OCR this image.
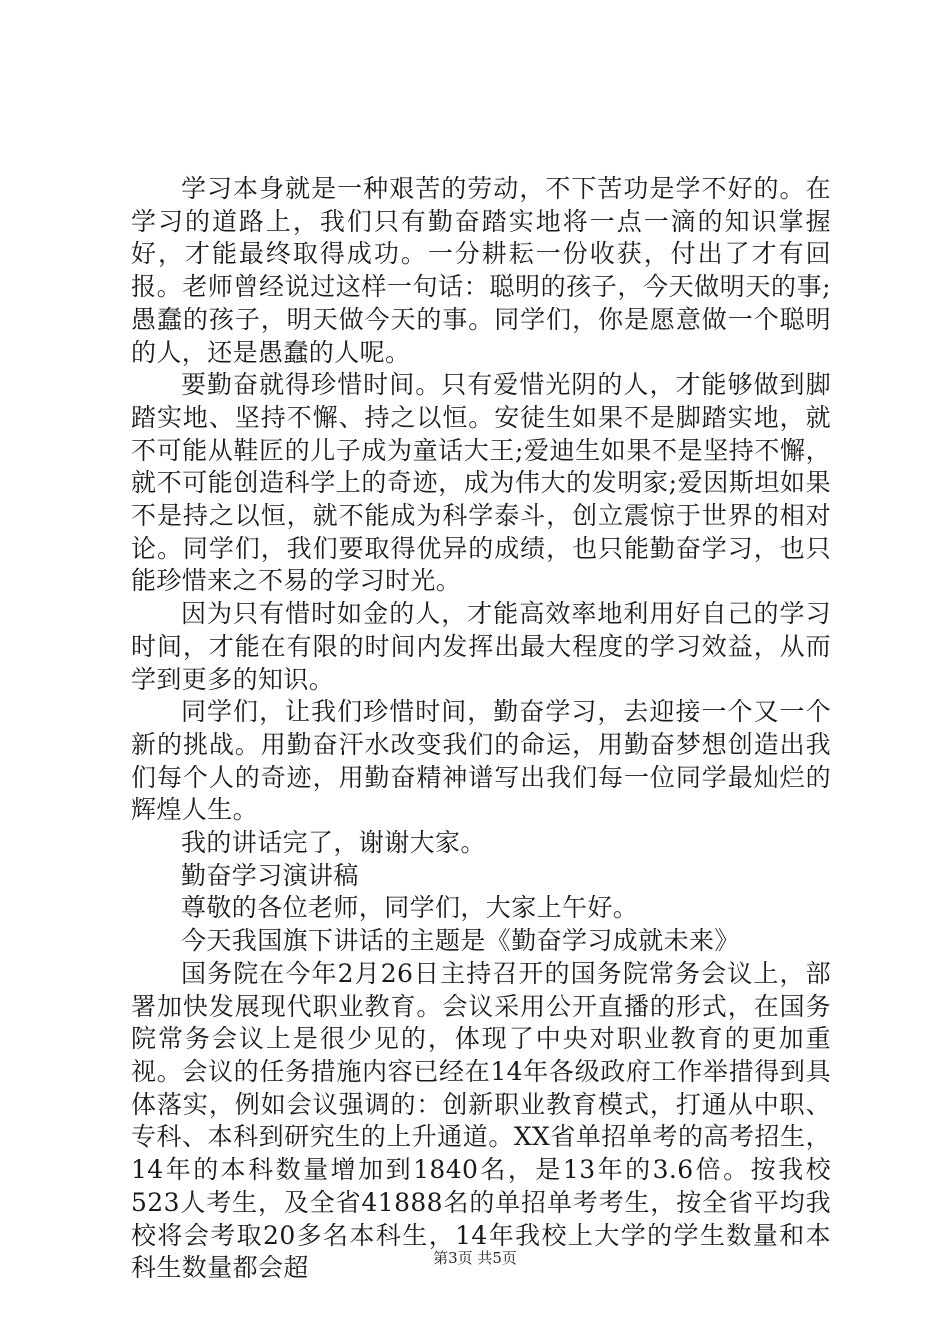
学习本身就是一种艰苦的劳动，不下苦功是学不好的。在学习的道路上，我们只有勤奋踏实地将一点一滴的知识掌握好，才能最终取得成功。一分耕耘一份收获，付出了才有回报。老师曾经说过这样一句话：聪明的孩子，今天做明天的事;愚蠢的孩子，明天做今天的事。同学们，你是愿意做一个聪明的人，还是愚蠢的人呢。

要勤奋就得珍惜时间。只有爱惜光阴的人，才能够做到脚踏实地、坚持不懈、持之以恒。安徒生如果不是脚踏实地，就不可能从鞋匠的儿子成为童话大王;爱迪生如果不是坚持不懈，就不可能创造科学上的奇迹，成为伟大的发明家;爱因斯坦如果不是持之以恒，就不能成为科学泰斗，创立震惊于世界的相对论。同学们，我们要取得优异的成绩，也只能勤奋学习，也只能珍惜来之不易的学习时光。

因为只有惜时如金的人，才能高效率地利用好自己的学习时间，才能在有限的时间内发挥出最大程度的学习效益，从而学到更多的知识。

同学们，让我们珍惜时间，勤奋学习，去迎接一个又一个新的挑战。用勤奋汗水改变我们的命运，用勤奋梦想创造出我们每个人的奇迹，用勤奋精神谱写出我们每一位同学最灿烂的辉煌人生。

我的讲话完了，谢谢大家。

勤奋学习演讲稿

尊敬的各位老师，同学们，大家上午好。

今天我国旗下讲话的主题是《勤奋学习成就未来》

国务院在今年2月26日主持召开的国务院常务会议上，部署加快发展现代职业教育。会议采用公开直播的形式，在国务院常务会议上是很少见的，体现了中央对职业教育的更加重视。会议的任务措施内容已经在14年各级政府工作举措得到具体落实，例如会议强调的：创新职业教育模式，打通从中职、专科、本科到研究生的上升通道。XX省单招单考的高考招生，14年的本科数量增加到1840名，是13年的3.6倍。按我校523人考生，及全省41888名的单招单考考生，按全省平均我校将会考取20多名本科生，14年我校上大学的学生数量和本科生数量都会超	第3页 共5页
